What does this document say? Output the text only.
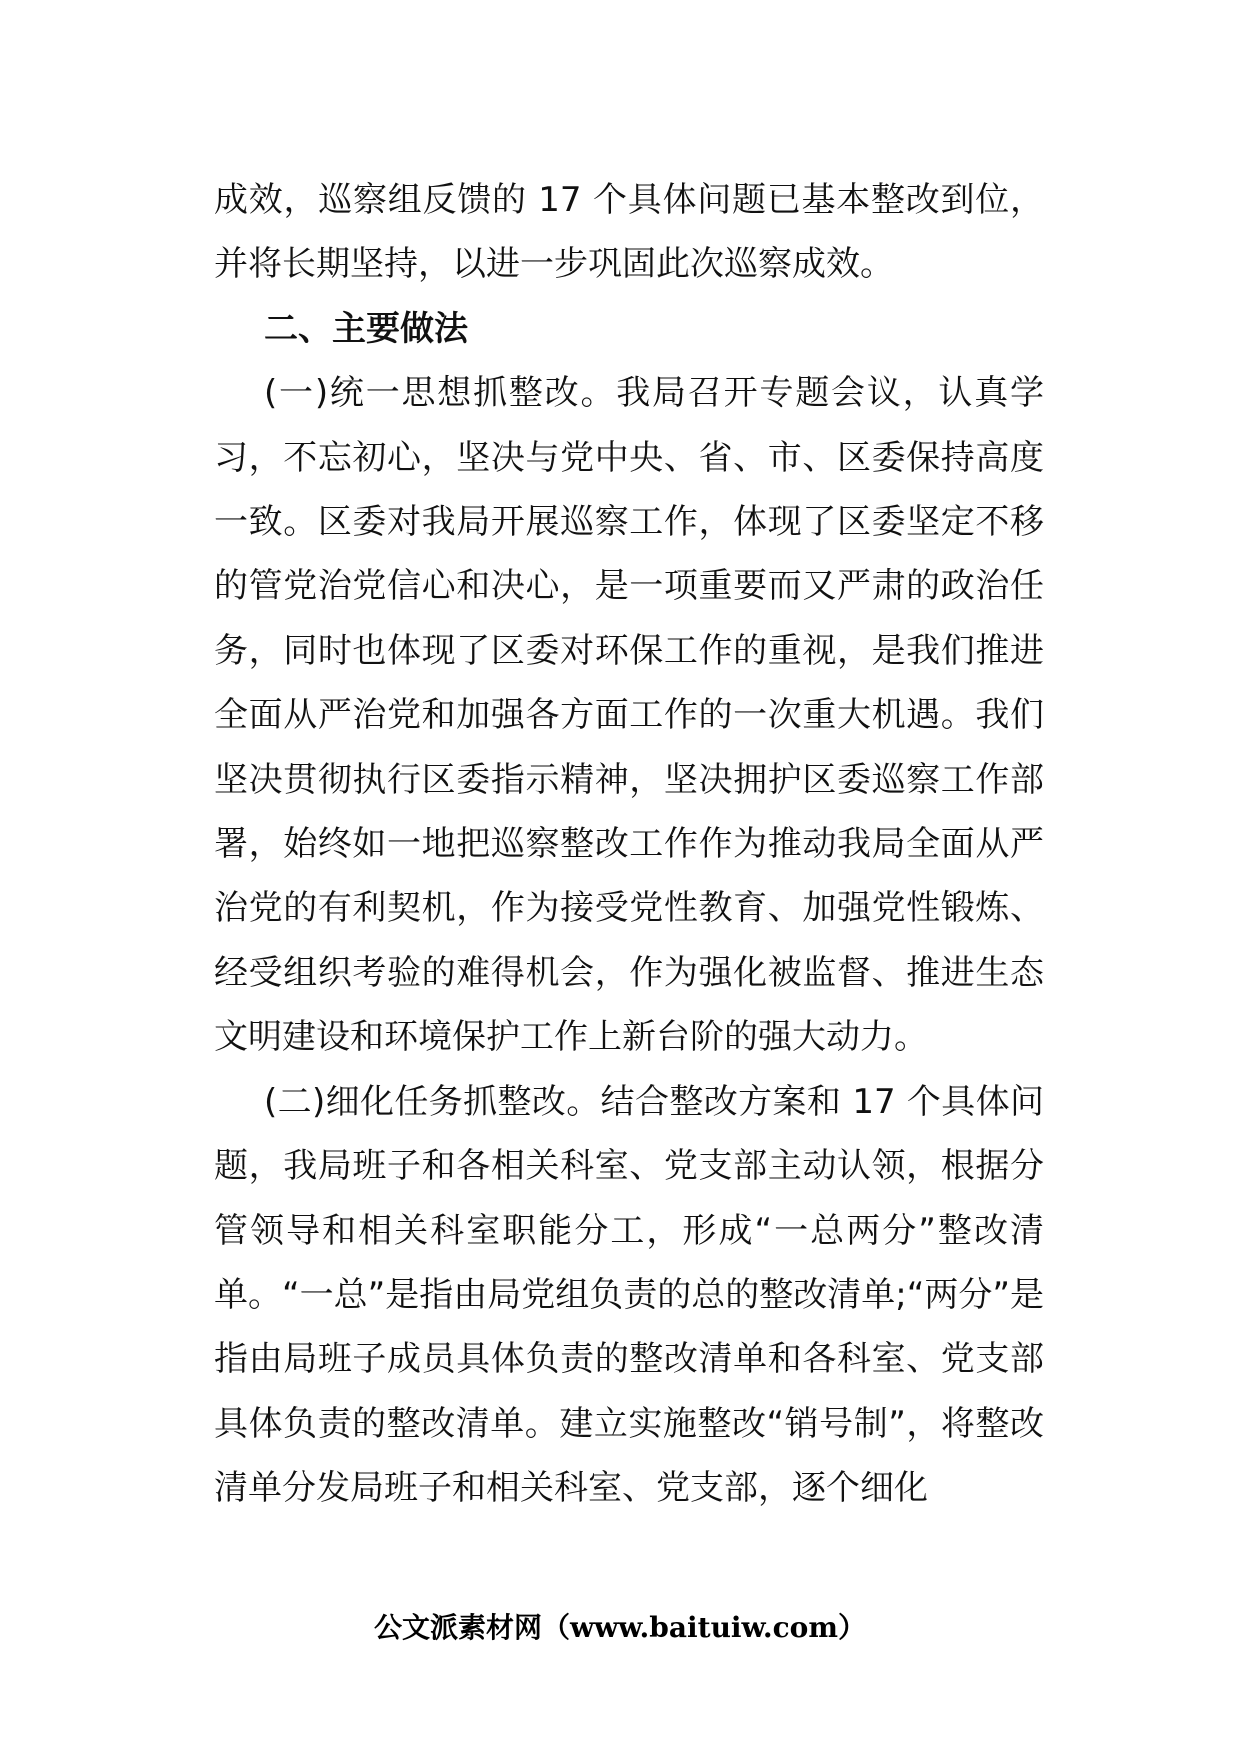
成效，巡察组反馈的 17 个具体问题已基本整改到位，并将长期坚持，以进一步巩固此次巡察成效。

二、主要做法

(一)统一思想抓整改。我局召开专题会议，认真学习，不忘初心，坚决与党中央、省、市、区委保持高度一致。区委对我局开展巡察工作，体现了区委坚定不移的管党治党信心和决心，是一项重要而又严肃的政治任务，同时也体现了区委对环保工作的重视，是我们推进全面从严治党和加强各方面工作的一次重大机遇。我们坚决贯彻执行区委指示精神，坚决拥护区委巡察工作部署，始终如一地把巡察整改工作作为推动我局全面从严治党的有利契机，作为接受党性教育、加强党性锻炼、经受组织考验的难得机会，作为强化被监督、推进生态文明建设和环境保护工作上新台阶的强大动力。

(二)细化任务抓整改。结合整改方案和 17 个具体问题，我局班子和各相关科室、党支部主动认领，根据分管领导和相关科室职能分工，形成“一总两分”整改清单。“一总”是指由局党组负责的总的整改清单;“两分”是指由局班子成员具体负责的整改清单和各科室、党支部具体负责的整改清单。建立实施整改“销号制”，将整改清单分发局班子和相关科室、党支部，逐个细化

公文派素材网（www.baituiw.com）
